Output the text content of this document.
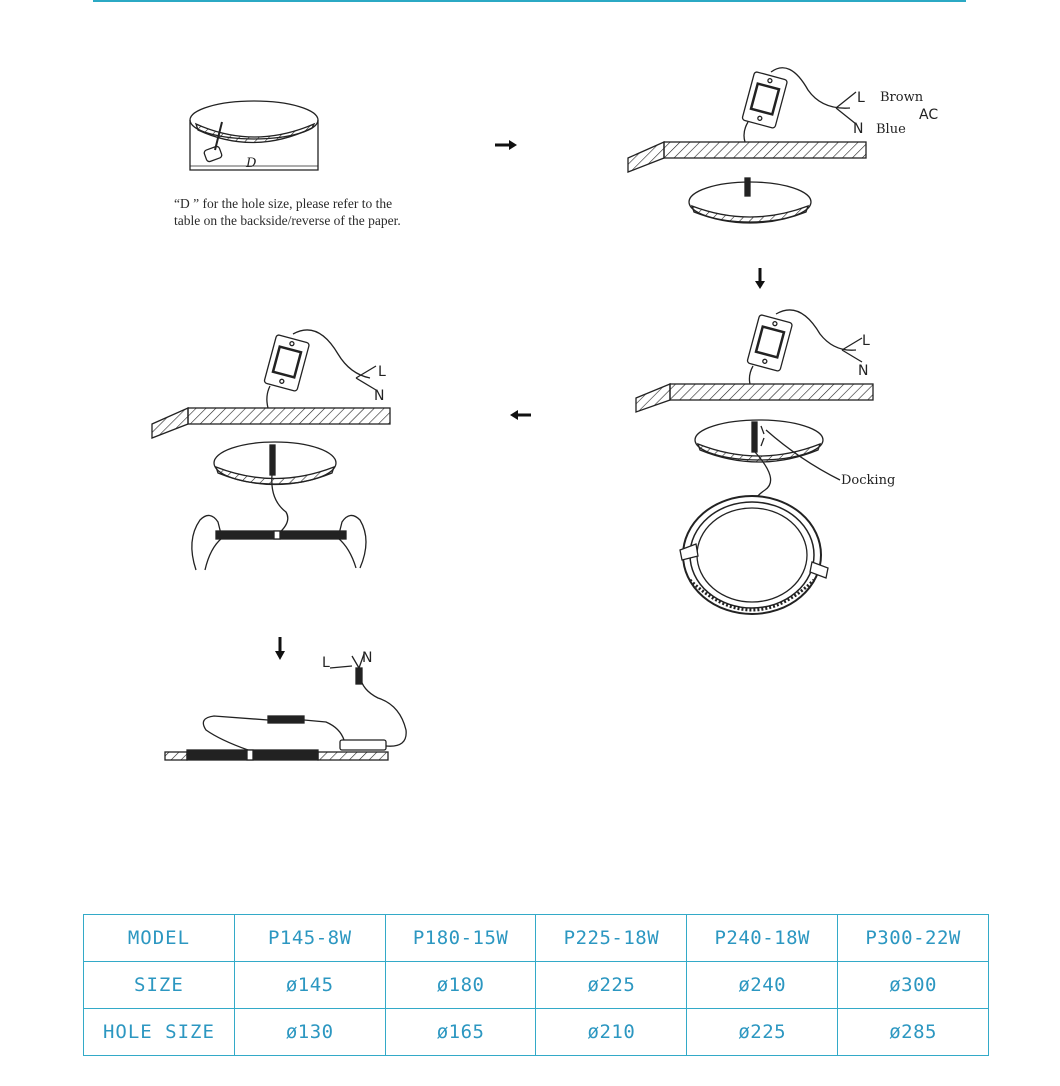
D
L Brown
N Blue
AC
L
N
Docking
L
N
L N
“D ” for the hole size, please refer to the table on the backside/reverse of the paper.
MODEL	P145-8W	P180-15W	P225-18W	P240-18W	P300-22W
SIZE	ø145	ø180	ø225	ø240	ø300
HOLE SIZE	ø130	ø165	ø210	ø225	ø285
